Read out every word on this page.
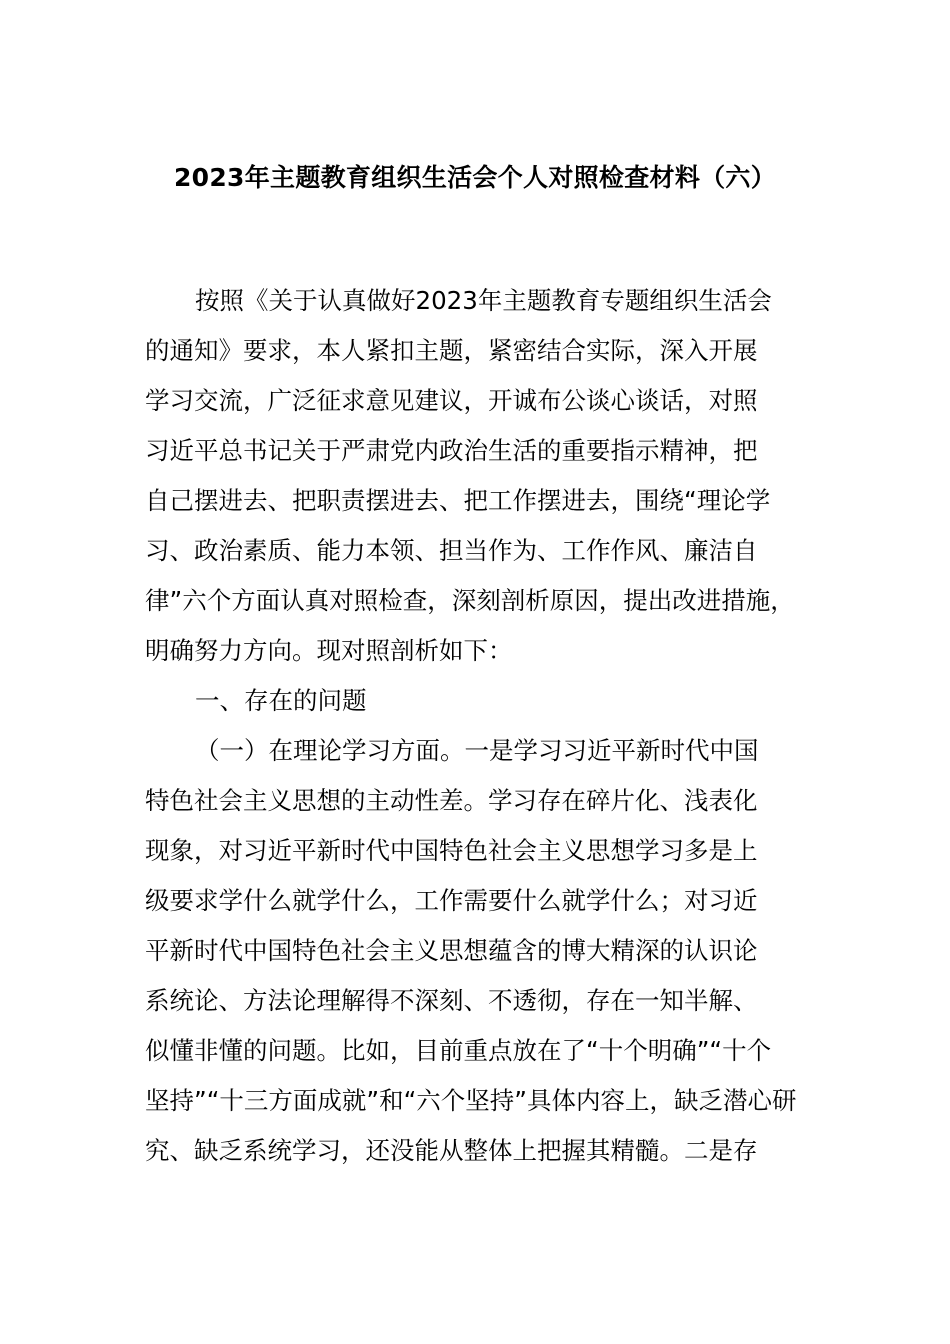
2023年主题教育组织生活会个人对照检查材料（六）
按照《关于认真做好2023年主题教育专题组织生活会
的通知》要求，本人紧扣主题，紧密结合实际，深入开展
学习交流，广泛征求意见建议，开诚布公谈心谈话，对照
习近平总书记关于严肃党内政治生活的重要指示精神，把
自己摆进去、把职责摆进去、把工作摆进去，围绕“理论学
习、政治素质、能力本领、担当作为、工作作风、廉洁自
律”六个方面认真对照检查，深刻剖析原因，提出改进措施，
明确努力方向。现对照剖析如下：
一、存在的问题
（一）在理论学习方面。一是学习习近平新时代中国
特色社会主义思想的主动性差。学习存在碎片化、浅表化
现象，对习近平新时代中国特色社会主义思想学习多是上
级要求学什么就学什么，工作需要什么就学什么；对习近
平新时代中国特色社会主义思想蕴含的博大精深的认识论
系统论、方法论理解得不深刻、不透彻，存在一知半解、
似懂非懂的问题。比如，目前重点放在了“十个明确”“十个
坚持”“十三方面成就”和“六个坚持”具体内容上，缺乏潜心研
究、缺乏系统学习，还没能从整体上把握其精髓。二是存
